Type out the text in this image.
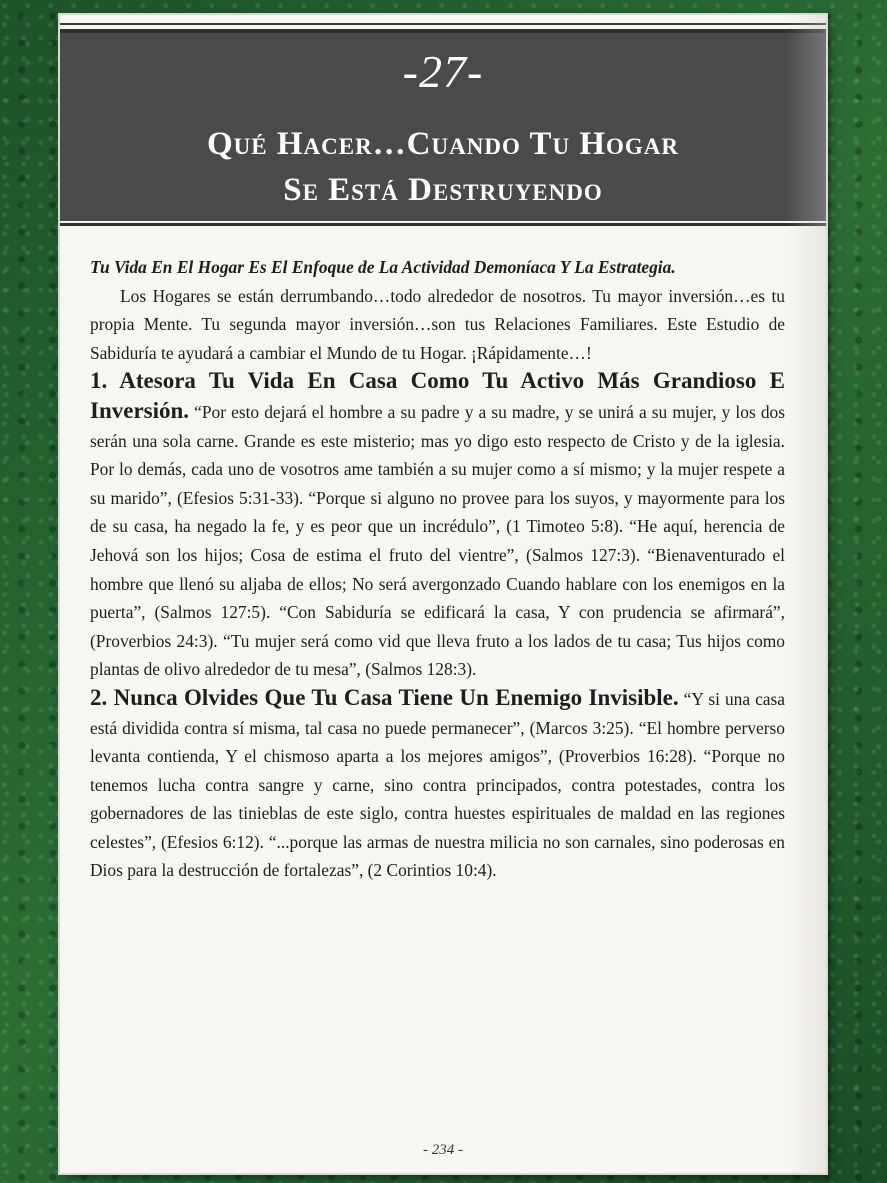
-27-
Qué Hacer…Cuando Tu Hogar
Se Está Destruyendo

Tu Vida En El Hogar Es El Enfoque de La Actividad Demoníaca Y La Estrategia.

Los Hogares se están derrumbando…todo alrededor de nosotros. Tu mayor inversión…es tu propia Mente. Tu segunda mayor inversión…son tus Relaciones Familiares. Este Estudio de Sabiduría te ayudará a cambiar el Mundo de tu Hogar. ¡Rápidamente…!

1. Atesora Tu Vida En Casa Como Tu Activo Más Grandioso E Inversión. “Por esto dejará el hombre a su padre y a su madre, y se unirá a su mujer, y los dos serán una sola carne. Grande es este misterio; mas yo digo esto respecto de Cristo y de la iglesia. Por lo demás, cada uno de vosotros ame también a su mujer como a sí mismo; y la mujer respete a su marido”, (Efesios 5:31-33). “Porque si alguno no provee para los suyos, y mayormente para los de su casa, ha negado la fe, y es peor que un incrédulo”, (1 Timoteo 5:8). “He aquí, herencia de Jehová son los hijos; Cosa de estima el fruto del vientre”, (Salmos 127:3). “Bienaventurado el hombre que llenó su aljaba de ellos; No será avergonzado Cuando hablare con los enemigos en la puerta”, (Salmos 127:5). “Con Sabiduría se edificará la casa, Y con prudencia se afirmará”, (Proverbios 24:3). “Tu mujer será como vid que lleva fruto a los lados de tu casa; Tus hijos como plantas de olivo alrededor de tu mesa”, (Salmos 128:3).

2. Nunca Olvides Que Tu Casa Tiene Un Enemigo Invisible. “Y si una casa está dividida contra sí misma, tal casa no puede permanecer”, (Marcos 3:25). “El hombre perverso levanta contienda, Y el chismoso aparta a los mejores amigos”, (Proverbios 16:28). “Porque no tenemos lucha contra sangre y carne, sino contra principados, contra potestades, contra los gobernadores de las tinieblas de este siglo, contra huestes espirituales de maldad en las regiones celestes”, (Efesios 6:12). “...porque las armas de nuestra milicia no son carnales, sino poderosas en Dios para la destrucción de fortalezas”, (2 Corintios 10:4).

- 234 -
